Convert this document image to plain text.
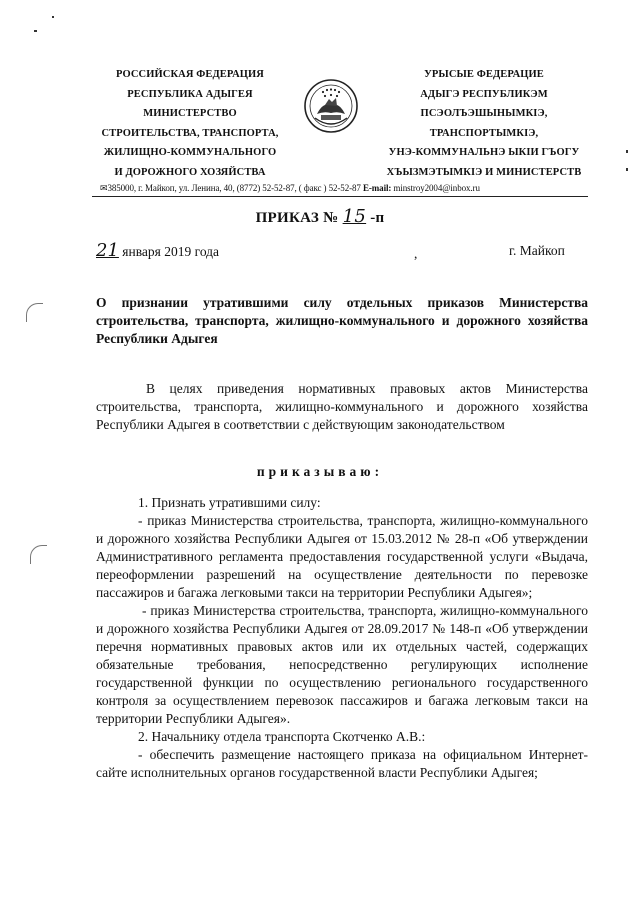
РОССИЙСКАЯ ФЕДЕРАЦИЯ
РЕСПУБЛИКА АДЫГЕЯ
МИНИСТЕРСТВО
СТРОИТЕЛЬСТВА, ТРАНСПОРТА,
ЖИЛИЩНО-КОММУНАЛЬНОГО
И ДОРОЖНОГО ХОЗЯЙСТВА
УРЫСЫЕ ФЕДЕРАЦИЕ
АДЫГЭ РЕСПУБЛИКЭМ
ПСЭОЛЪЭШЫНЫМКIЭ,
ТРАНСПОРТЫМКIЭ,
УНЭ-КОММУНАЛЬНЭ ЫКIИ ГЪОГУ
ХЪЫЗМЭТЫМКIЭ И МИНИСТЕРСТВ
✉385000, г. Майкоп, ул. Ленина, 40, (8772) 52-52-87, ( факс ) 52-52-87 E-mail: minstroy2004@inbox.ru
ПРИКАЗ № 15 -п
21 января 2019 года	,	г. Майкоп
О признании утратившими силу отдельных приказов Министерства строительства, транспорта, жилищно-коммунального и дорожного хозяйства Республики Адыгея
В целях приведения нормативных правовых актов Министерства строительства, транспорта, жилищно-коммунального и дорожного хозяйства Республики Адыгея в соответствии с действующим законодательством
приказываю:

1. Признать утратившими силу:

- приказ Министерства строительства, транспорта, жилищно-коммунального и дорожного хозяйства Республики Адыгея от 15.03.2012 № 28-п «Об утверждении Административного регламента предоставления государственной услуги «Выдача, переоформлении разрешений на осуществление деятельности по перевозке пассажиров и багажа легковыми такси на территории Республики Адыгея»;

- приказ Министерства строительства, транспорта, жилищно-коммунального и дорожного хозяйства Республики Адыгея от 28.09.2017 № 148-п «Об утверждении перечня нормативных правовых актов или их отдельных частей, содержащих обязательные требования, непосредственно регулирующих исполнение государственной функции по осуществлению регионального государственного контроля за осуществлением перевозок пассажиров и багажа легковым такси на территории Республики Адыгея».

2. Начальнику отдела транспорта Скотченко А.В.:

- обеспечить размещение настоящего приказа на официальном Интернет-сайте исполнительных органов государственной власти Республики Адыгея;
